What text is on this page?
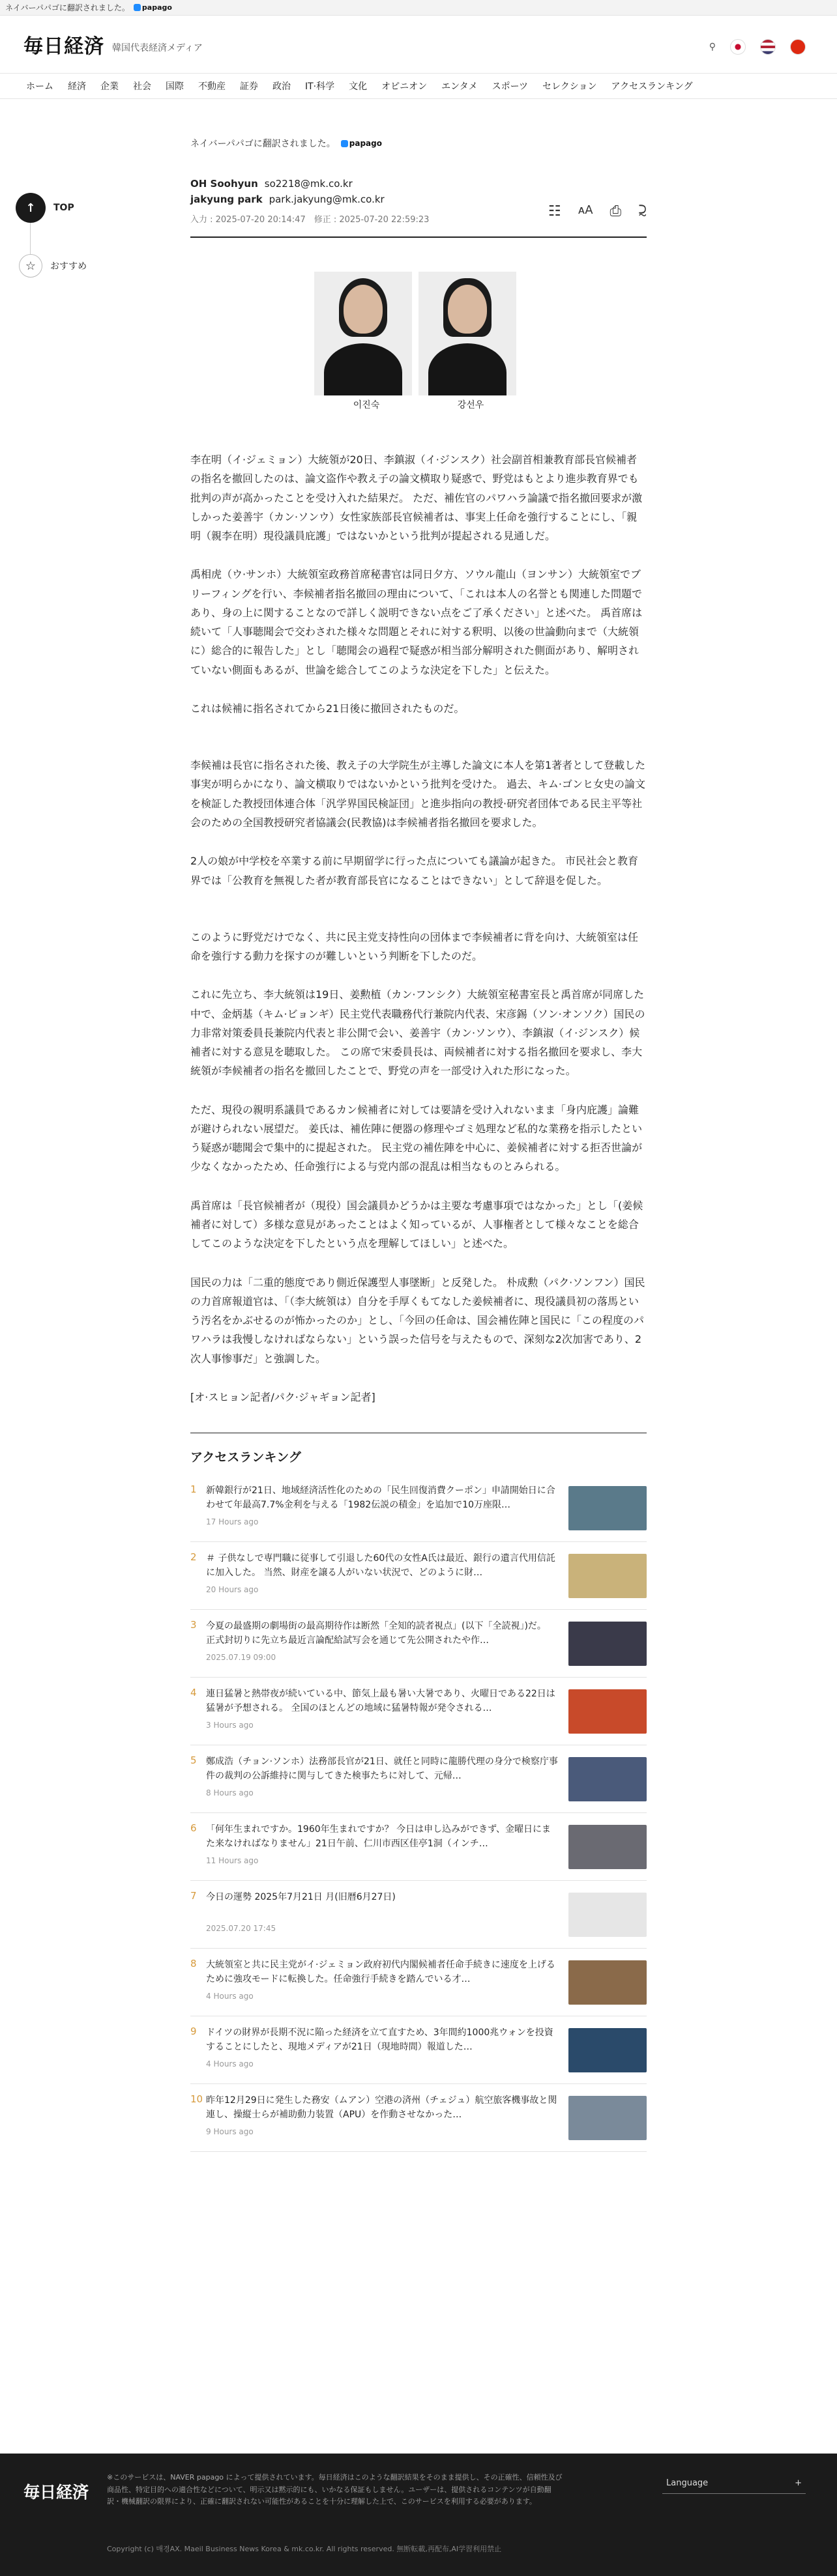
ネイバーパパゴに翻訳されました。 papago
毎日経済 韓国代表経済メディア	⚲
ホーム 経済 企業 社会 国際 不動産 証券 政治 IT·科学 文化 オピニオン エンタメ スポーツ セレクション アクセスランキング
↑	TOP
☆	おすすめ
ネイバーパパゴに翻訳されました。 papago
OH Soohyun so2218@mk.co.kr
jakyung park park.jakyung@mk.co.kr
入力 : 2025-07-20 20:14:47　修正 : 2025-07-20 22:59:23
☷ ᴀA ⎙ ⫈
이진숙	강선우

李在明（イ·ジェミョン）大統領が20日、李鎮淑（イ·ジンスク）社会副首相兼教育部長官候補者の指名を撤回したのは、論文盗作や教え子の論文横取り疑惑で、野党はもとより進歩教育界でも批判の声が高かったことを受け入れた結果だ。 ただ、補佐官のパワハラ論議で指名撤回要求が激しかった姜善宇（カン·ソンウ）女性家族部長官候補者は、事実上任命を強行することにし、「親明（親李在明）現役議員庇護」ではないかという批判が提起される見通しだ。

禹相虎（ウ·サンホ）大統領室政務首席秘書官は同日夕方、ソウル龍山（ヨンサン）大統領室でブリーフィングを行い、李候補者指名撤回の理由について、「これは本人の名誉とも関連した問題であり、身の上に関することなので詳しく説明できない点をご了承ください」と述べた。 禹首席は続いて「人事聴聞会で交わされた様々な問題とそれに対する釈明、以後の世論動向まで（大統領に）総合的に報告した」とし「聴聞会の過程で疑惑が相当部分解明された側面があり、解明されていない側面もあるが、世論を総合してこのような決定を下した」と伝えた。

これは候補に指名されてから21日後に撤回されたものだ。

李候補は長官に指名された後、教え子の大学院生が主導した論文に本人を第1著者として登載した事実が明らかになり、論文横取りではないかという批判を受けた。 過去、キム·ゴンヒ女史の論文を検証した教授団体連合体「汎学界国民検証団」と進歩指向の教授·研究者団体である民主平等社会のための全国教授研究者協議会(民教協)は李候補者指名撤回を要求した。

2人の娘が中学校を卒業する前に早期留学に行った点についても議論が起きた。 市民社会と教育界では「公教育を無視した者が教育部長官になることはできない」として辞退を促した。

このように野党だけでなく、共に民主党支持性向の団体まで李候補者に背を向け、大統領室は任命を強行する動力を探すのが難しいという判断を下したのだ。

これに先立ち、李大統領は19日、姜勲植（カン·フンシク）大統領室秘書室長と禹首席が同席した中で、金炳基（キム·ビョンギ）民主党代表職務代行兼院内代表、宋彦錫（ソン·オンソク）国民の力非常対策委員長兼院内代表と非公開で会い、姜善宇（カン·ソンウ）、李鎮淑（イ·ジンスク）候補者に対する意見を聴取した。 この席で宋委員長は、両候補者に対する指名撤回を要求し、李大統領が李候補者の指名を撤回したことで、野党の声を一部受け入れた形になった。

ただ、現役の親明系議員であるカン候補者に対しては要請を受け入れないまま「身内庇護」論難が避けられない展望だ。 姜氏は、補佐陣に便器の修理やゴミ処理など私的な業務を指示したという疑惑が聴聞会で集中的に提起された。 民主党の補佐陣を中心に、姜候補者に対する拒否世論が少なくなかったため、任命強行による与党内部の混乱は相当なものとみられる。

禹首席は「長官候補者が（現役）国会議員かどうかは主要な考慮事項ではなかった」とし「(姜候補者に対して）多様な意見があったことはよく知っているが、人事権者として様々なことを総合してこのような決定を下したという点を理解してほしい」と述べた。

国民の力は「二重的態度であり側近保護型人事墜断」と反発した。 朴成勲（パク·ソンフン）国民の力首席報道官は、「（李大統領は）自分を手厚くもてなした姜候補者に、現役議員初の落馬という汚名をかぶせるのが怖かったのか」とし、「今回の任命は、国会補佐陣と国民に「この程度のパワハラは我慢しなければならない」という誤った信号を与えたもので、深刻な2次加害であり、2次人事惨事だ」と強調した。

[オ·スヒョン記者/パク·ジャギョン記者]

アクセスランキング
1	新韓銀行が21日、地域経済活性化のための「民生回復消費クーポン」申請開始日に合わせて年最高7.7%金利を与える「1982伝説の積金」を追加で10万座限…
17 Hours ago
2	＃ 子供なしで専門職に従事して引退した60代の女性A氏は最近、銀行の遺言代用信託に加入した。 当然、財産を譲る人がいない状況で、どのように財…
20 Hours ago
3	今夏の最盛期の劇場街の最高期待作は断然「全知的読者視点」(以下「全読視」)だ。 正式封切りに先立ち最近言論配給試写会を通じて先公開されたや作…
2025.07.19 09:00
4	連日猛暑と熱帯夜が続いている中、節気上最も暑い大暑であり、火曜日である22日は猛暑が予想される。 全国のほとんどの地域に猛暑特報が発令される…
3 Hours ago
5	鄭成浩（チョン·ソンホ）法務部長官が21日、就任と同時に龍勝代理の身分で検察庁事件の裁判の公訴維持に関与してきた検事たちに対して、元帰…
8 Hours ago
6	「何年生まれですか。1960年生まれですか？ 今日は申し込みができず、金曜日にまた来なければなりません」21日午前、仁川市西区佳亭1洞（インチ…
11 Hours ago
7	今日の運勢 2025年7月21日 月(旧暦6月27日)
2025.07.20 17:45
8	大統領室と共に民主党がイ·ジェミョン政府初代内閣候補者任命手続きに速度を上げるために強攻モードに転換した。任命強行手続きを踏んでいる才…
4 Hours ago
9	ドイツの財界が長期不況に陥った経済を立て直すため、3年間約1000兆ウォンを投資することにしたと、現地メディアが21日（現地時間）報道した…
4 Hours ago
10 昨年12月29日に発生した務安（ムアン）空港の済州（チェジュ）航空旅客機事故と関連し、操縦士らが補助動力装置（APU）を作動させなかった…
9 Hours ago
毎日経済
※このサービスは、NAVER papago によって提供されています。毎日経済はこのような翻訳結果をそのまま提供し、その正確性、信頼性及び商品性、特定目的への適合性などについて、明示又は黙示的にも、いかなる保証もしません。ユーザーは、提供されるコンテンツが自動翻訳・機械翻訳の限界により、正確に翻訳されない可能性があることを十分に理解した上で、このサービスを利用する必要があります。
Language	+
Copyright (c) 매경AX. Maeil Business News Korea & mk.co.kr. All rights reserved. 無断転載,再配布,AI学習利用禁止
